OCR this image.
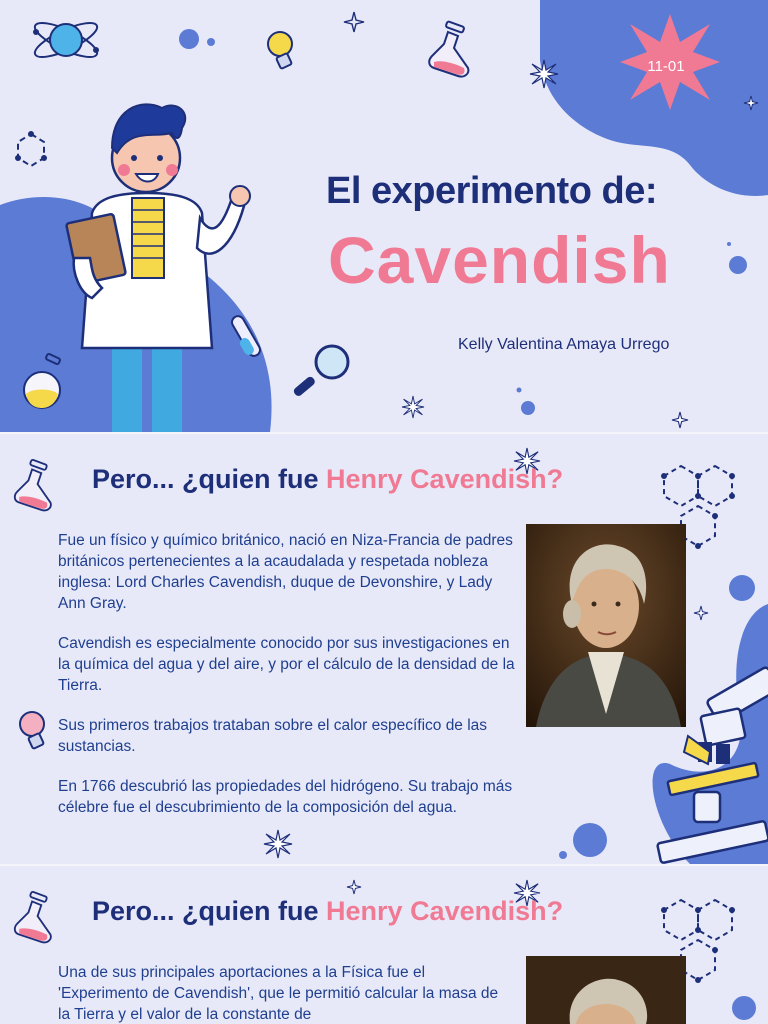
11-01
El experimento de:
Cavendish
Kelly Valentina Amaya Urrego
Pero... ¿quien fue Henry Cavendish?

Fue un físico y químico británico, nació en Niza-Francia de padres británicos pertenecientes a la acaudalada y respetada nobleza inglesa: Lord Charles Cavendish, duque de Devonshire, y Lady Ann Gray.

Cavendish es especialmente conocido por sus investigaciones en la química del agua y del aire, y por el cálculo de la densidad de la Tierra.

Sus primeros trabajos trataban sobre el calor específico de las sustancias.

En 1766 descubrió las propiedades del hidrógeno. Su trabajo más célebre fue el descubrimiento de la composición del agua.

Pero... ¿quien fue Henry Cavendish?

Una de sus principales aportaciones a la Física fue el 'Experimento de Cavendish', que le permitió calcular la masa de la Tierra y el valor de la constante de
